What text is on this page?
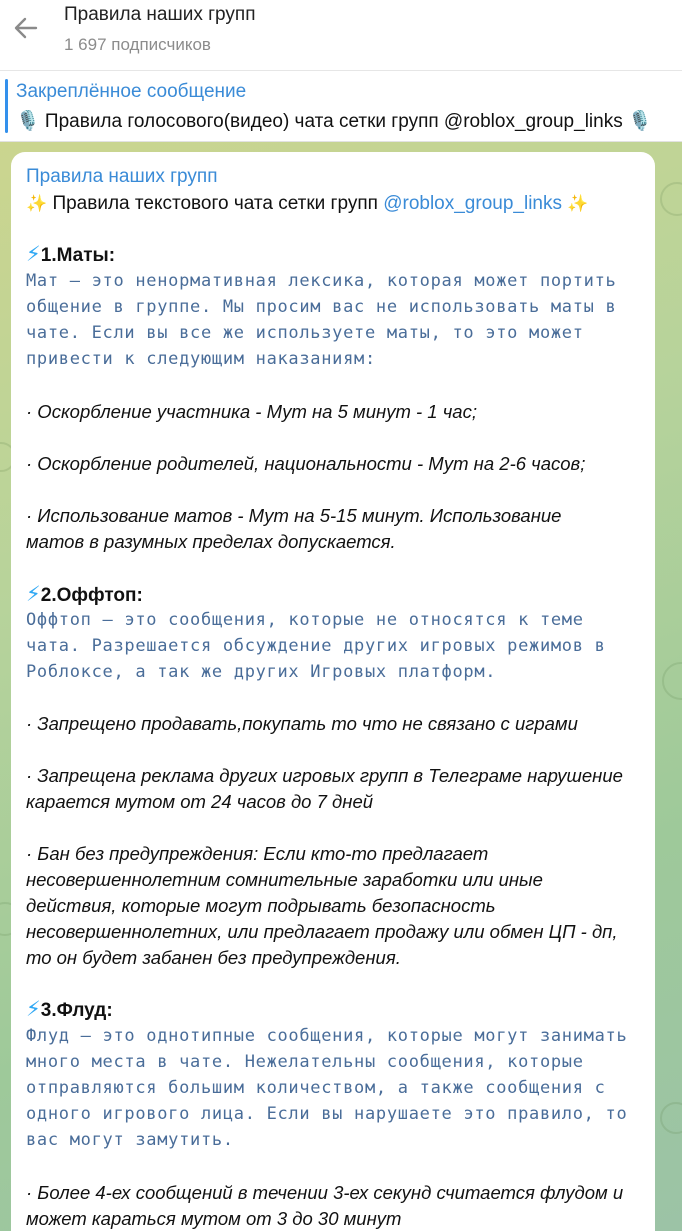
Правила наших групп
1 697 подписчиков
Закреплённое сообщение
🎙️ Правила голосового(видео) чата сетки групп @roblox_group_links 🎙️
Правила наших групп
✨ Правила текстового чата сетки групп @roblox_group_links ✨
⚡1.Маты:
Мат – это ненормативная лексика, которая может портить
общение в группе. Мы просим вас не использовать маты в
чате. Если вы все же используете маты, то это может
привести к следующим наказаниям:
· Оскорбление участника - Мут на 5 минут - 1 час;
· Оскорбление родителей, национальности - Мут на 2-6 часов;
· Использование матов - Мут на 5-15 минут. Использование
матов в разумных пределах допускается.
⚡2.Оффтоп:
Оффтоп – это сообщения, которые не относятся к теме
чата. Разрешается обсуждение других игровых режимов в
Роблоксе, а так же других Игровых платформ.
· Запрещено продавать,покупать то что не связано с играми
· Запрещена реклама других игровых групп в Телеграме нарушение
карается мутом от 24 часов до 7 дней
· Бан без предупреждения: Если кто-то предлагает
несовершеннолетним сомнительные заработки или иные
действия, которые могут подрывать безопасность
несовершеннолетних, или предлагает продажу или обмен ЦП - дп,
то он будет забанен без предупреждения.
⚡3.Флуд:
Флуд – это однотипные сообщения, которые могут занимать
много места в чате. Нежелательны сообщения, которые
отправляются большим количеством, а также сообщения с
одного игрового лица. Если вы нарушаете это правило, то
вас могут замутить.
· Более 4-ех сообщений в течении 3-ех секунд считается флудом и
может караться мутом от 3 до 30 минут
